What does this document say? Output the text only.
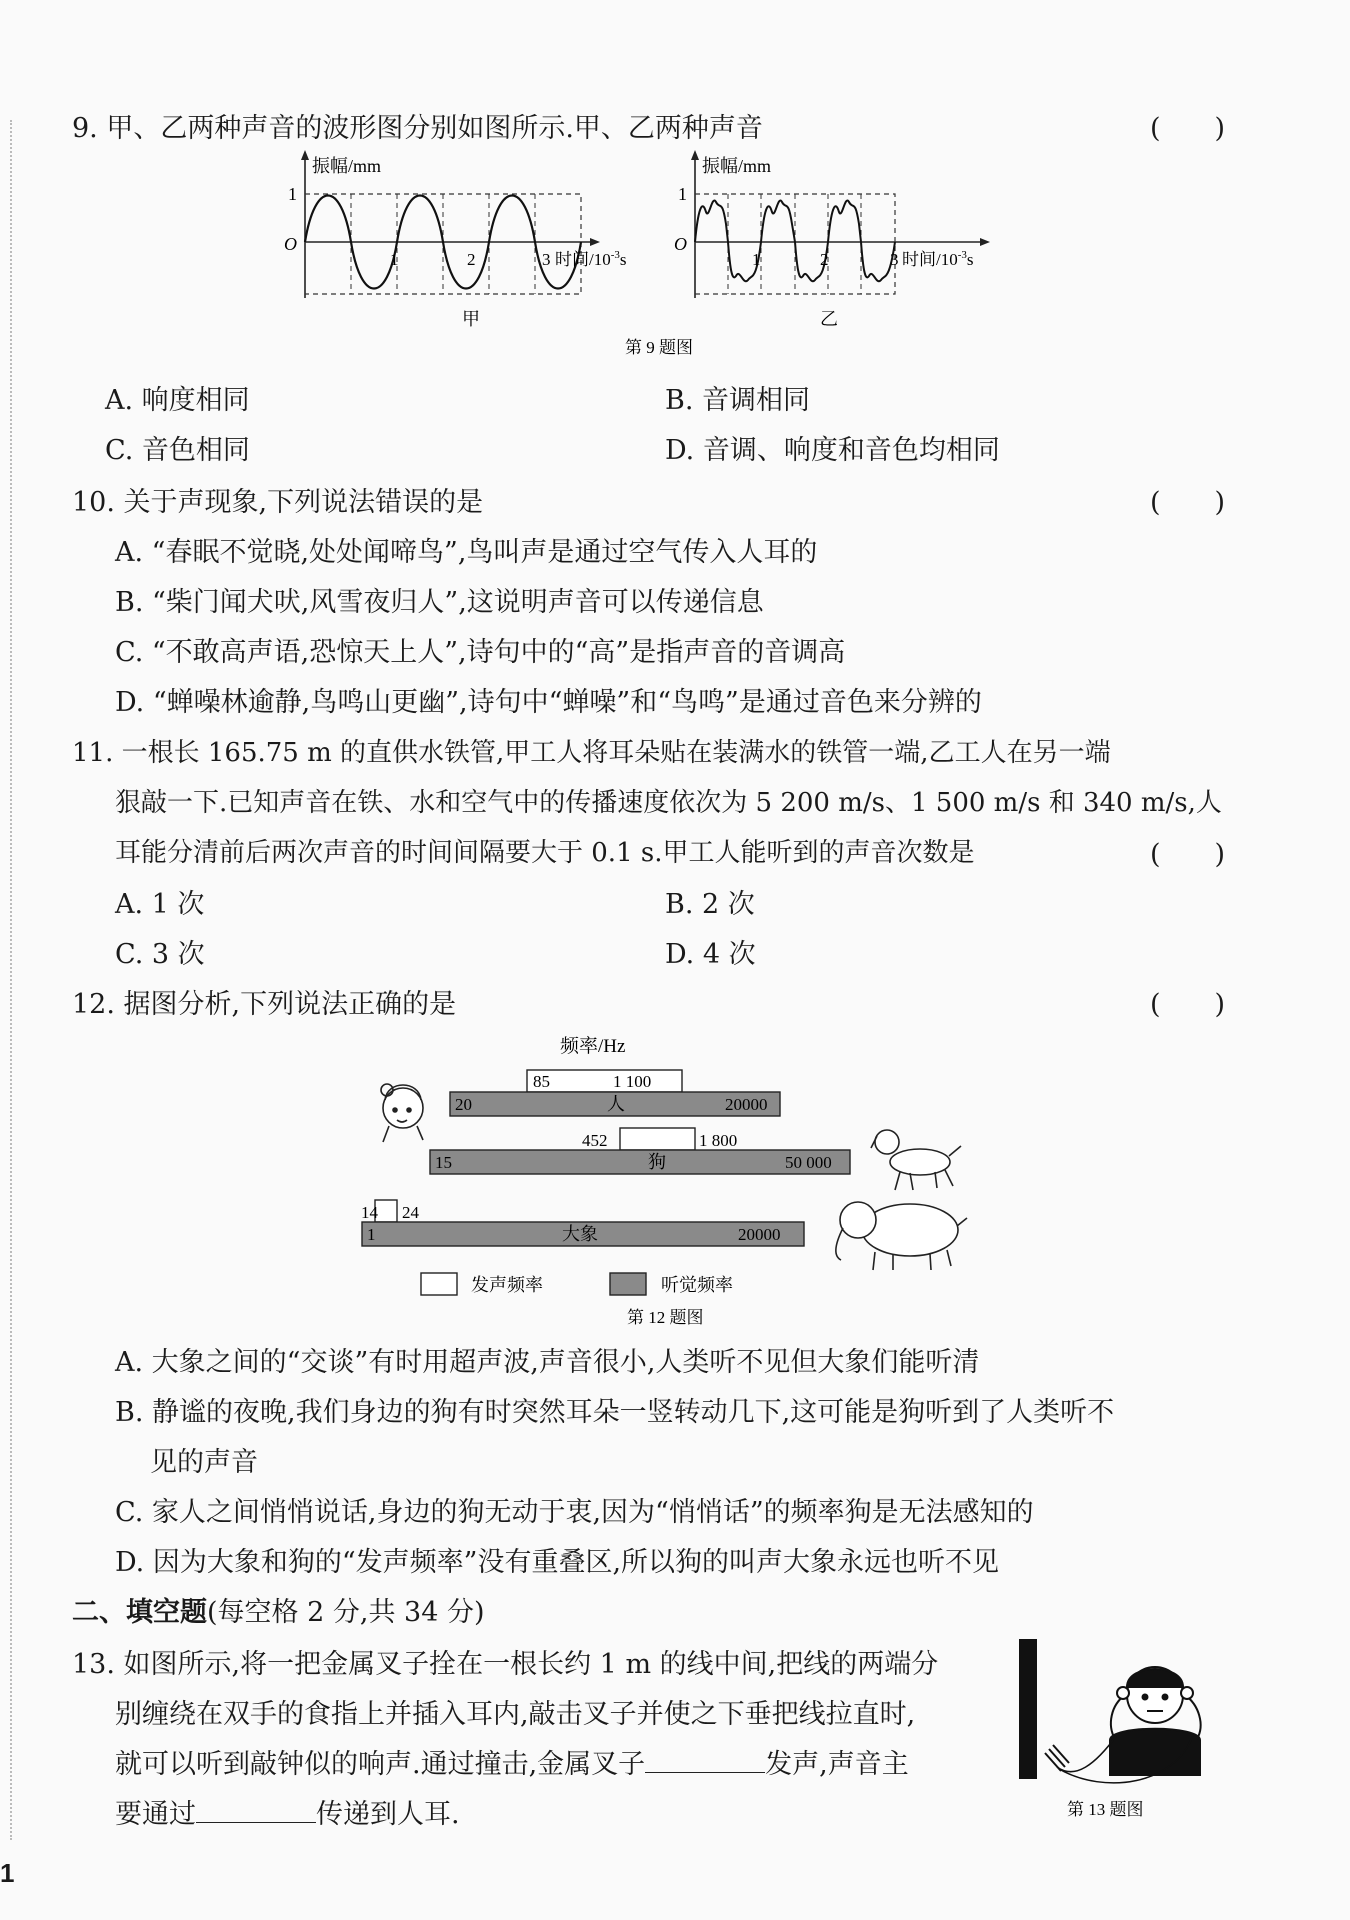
9. 甲、乙两种声音的波形图分别如图所示.甲、乙两种声音	(　　)
振幅/mm
1
O
1	2	3 时间$/10^{-3}s$
甲
振幅/mm
1
O
1	2	3 时间$/10^{-3}s$
乙
第 9 题图
A. 响度相同	B. 音调相同
C. 音色相同	D. 音调、响度和音色均相同
10. 关于声现象,下列说法错误的是	(　　)
A. “春眠不觉晓,处处闻啼鸟”,鸟叫声是通过空气传入人耳的
B. “柴门闻犬吠,风雪夜归人”,这说明声音可以传递信息
C. “不敢高声语,恐惊天上人”,诗句中的“高”是指声音的音调高
D. “蝉噪林逾静,鸟鸣山更幽”,诗句中“蝉噪”和“鸟鸣”是通过音色来分辨的
11. 一根长 165.75 m 的直供水铁管,甲工人将耳朵贴在装满水的铁管一端,乙工人在另一端
狠敲一下.已知声音在铁、水和空气中的传播速度依次为 5 200 m/s、1 500 m/s 和 340 m/s,人
耳能分清前后两次声音的时间间隔要大于 0.1 s.甲工人能听到的声音次数是	(　　)
A. 1 次	B. 2 次
C. 3 次	D. 4 次
12. 据图分析,下列说法正确的是	(　　)
频率/Hz
85	1 100
20	人	20000
452	1 800
15	狗	50 000
14 24
1	大象	20000
发声频率	听觉频率
第 12 题图
A. 大象之间的“交谈”有时用超声波,声音很小,人类听不见但大象们能听清
B. 静谧的夜晚,我们身边的狗有时突然耳朵一竖转动几下,这可能是狗听到了人类听不
见的声音
C. 家人之间悄悄说话,身边的狗无动于衷,因为“悄悄话”的频率狗是无法感知的
D. 因为大象和狗的“发声频率”没有重叠区,所以狗的叫声大象永远也听不见
二、填空题(每空格 2 分,共 34 分)
13. 如图所示,将一把金属叉子拴在一根长约 1 m 的线中间,把线的两端分
别缠绕在双手的食指上并插入耳内,敲击叉子并使之下垂把线拉直时,
就可以听到敲钟似的响声.通过撞击,金属叉子	发声,声音主
要通过	传递到人耳.	第 13 题图
1
